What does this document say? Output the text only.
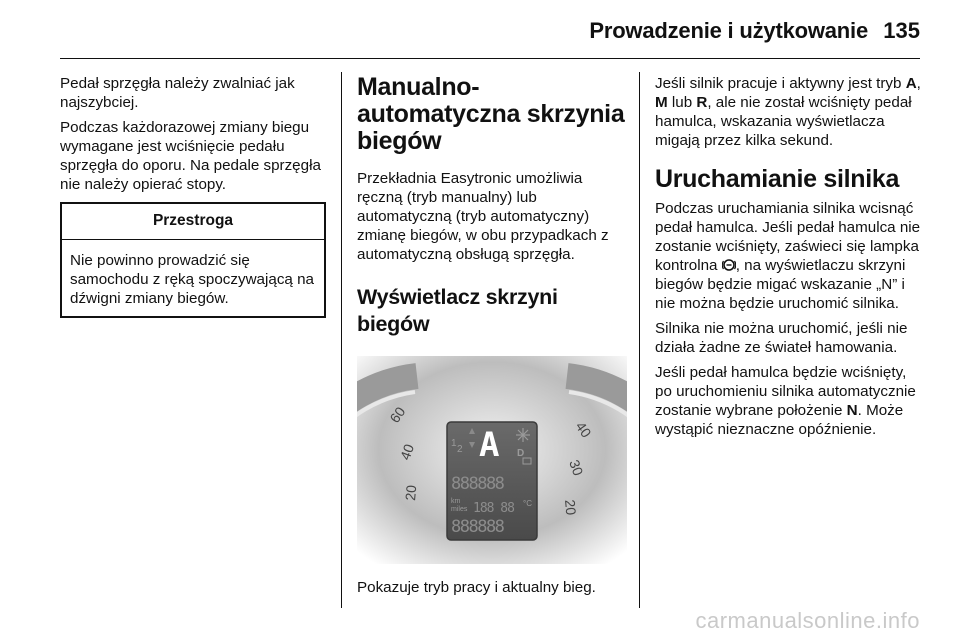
Prowadzenie i użytkowanie 135

Pedał sprzęgła należy zwalniać jak najszybciej.

Podczas każdorazowej zmiany biegu wymagane jest wciśnięcie pedału sprzęgła do oporu. Na pedale sprzęgła nie należy opierać stopy.

Przestroga
Nie powinno prowadzić się samochodu z ręką spoczywającą na dźwigni zmiany biegów.
Manualno-automatyczna skrzynia biegów

Przekładnia Easytronic umożliwia ręczną (tryb manualny) lub automatyczną (tryb automatyczny) zmianę biegów, w obu przypadkach z automatyczną obsługą sprzęgła.

Wyświetlacz skrzyni biegów
60
40
20
40
30
20
1
2 A D
888888
km
miles 188 88 °C
888888
Pokazuje tryb pracy i aktualny bieg.

Jeśli silnik pracuje i aktywny jest tryb A, M lub R, ale nie został wciśnięty pedał hamulca, wskazania wyświetlacza migają przez kilka sekund.

Uruchamianie silnika

Podczas uruchamiania silnika wcisnąć pedał hamulca. Jeśli pedał hamulca nie zostanie wciśnięty, zaświeci się lampka kontrolna , na wyświetlaczu skrzyni biegów będzie migać wskazanie „N” i nie można będzie uruchomić silnika.

Silnika nie można uruchomić, jeśli nie działa żadne ze świateł hamowania.

Jeśli pedał hamulca będzie wciśnięty, po uruchomieniu silnika automatycznie zostanie wybrane położenie N. Może wystąpić nieznaczne opóźnienie.

carmanualsonline.info
